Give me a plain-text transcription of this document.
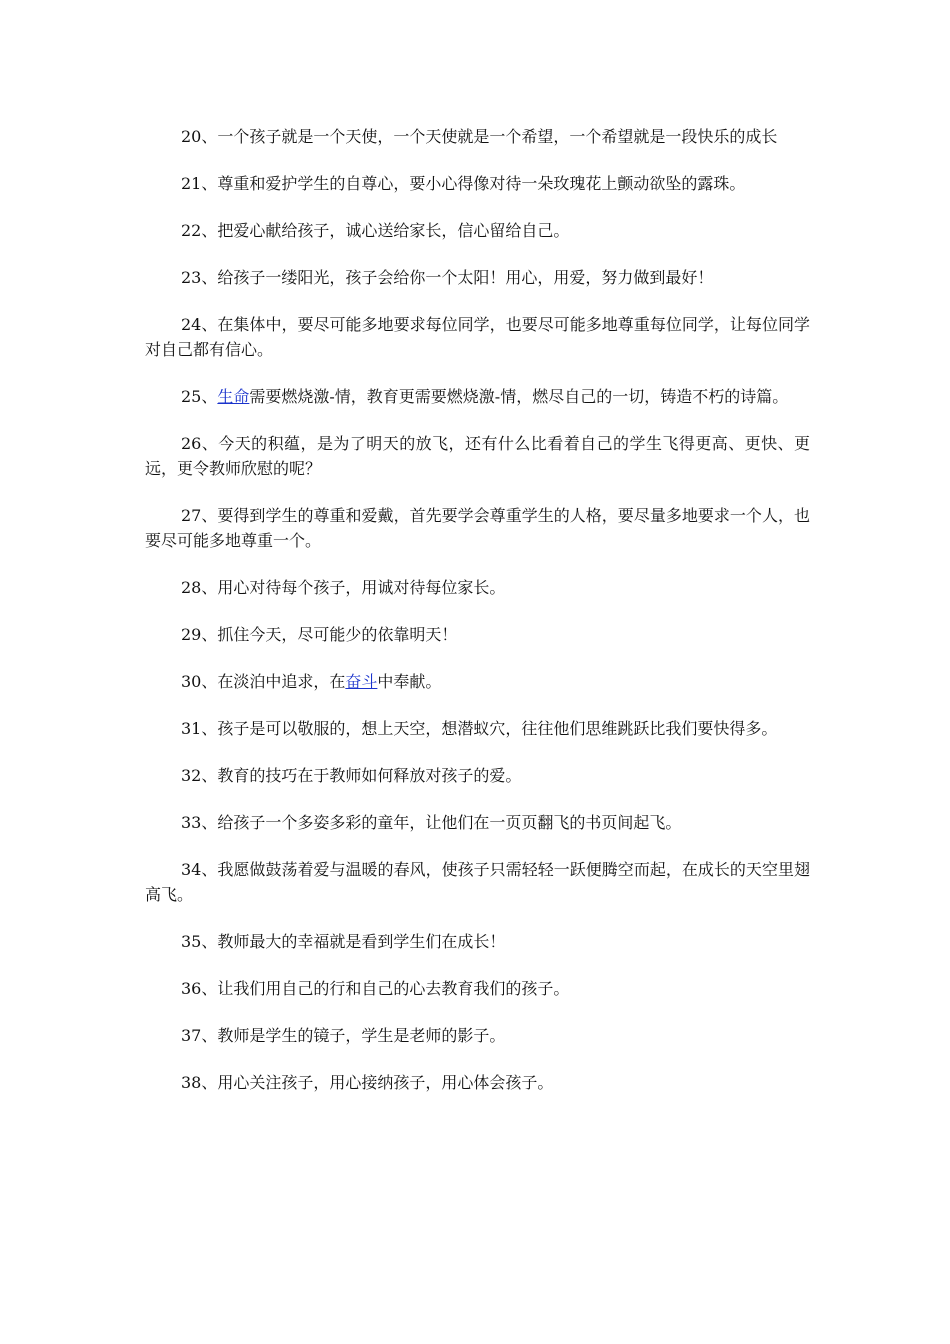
20、一个孩子就是一个天使，一个天使就是一个希望，一个希望就是一段快乐的成长

21、尊重和爱护学生的自尊心，要小心得像对待一朵玫瑰花上颤动欲坠的露珠。

22、把爱心献给孩子，诚心送给家长，信心留给自己。

23、给孩子一缕阳光，孩子会给你一个太阳！用心，用爱，努力做到最好！

24、在集体中，要尽可能多地要求每位同学，也要尽可能多地尊重每位同学，让每位同学对自己都有信心。

25、生命需要燃烧激-情，教育更需要燃烧激-情，燃尽自己的一切，铸造不朽的诗篇。

26、今天的积蕴，是为了明天的放飞，还有什么比看着自己的学生飞得更高、更快、更远，更令教师欣慰的呢？

27、要得到学生的尊重和爱戴，首先要学会尊重学生的人格，要尽量多地要求一个人，也要尽可能多地尊重一个。

28、用心对待每个孩子，用诚对待每位家长。

29、抓住今天，尽可能少的依靠明天！

30、在淡泊中追求，在奋斗中奉献。

31、孩子是可以敬服的，想上天空，想潜蚁穴，往往他们思维跳跃比我们要快得多。

32、教育的技巧在于教师如何释放对孩子的爱。

33、给孩子一个多姿多彩的童年，让他们在一页页翻飞的书页间起飞。

34、我愿做鼓荡着爱与温暖的春风，使孩子只需轻轻一跃便腾空而起，在成长的天空里翅高飞。

35、教师最大的幸福就是看到学生们在成长！

36、让我们用自己的行和自己的心去教育我们的孩子。

37、教师是学生的镜子，学生是老师的影子。

38、用心关注孩子，用心接纳孩子，用心体会孩子。
